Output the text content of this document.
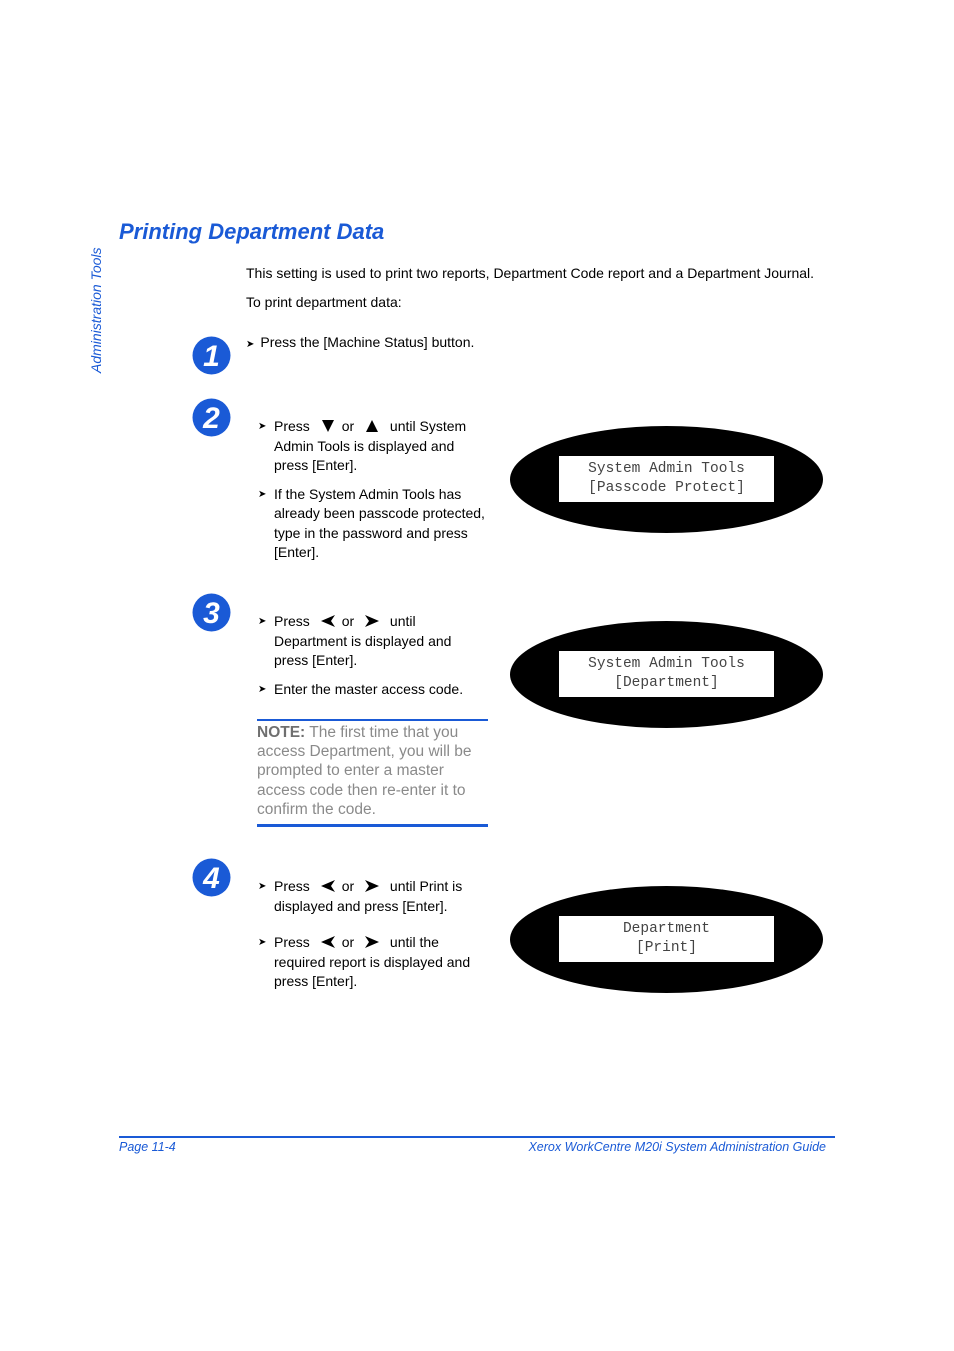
Administration Tools
Printing Department Data

This setting is used to print two reports, Department Code report and a Department Journal.

To print department data:

1	➤ Press the [Machine Status] button.
2	➤ Press or	until System Admin Tools is displayed and press [Enter].
➤ If the System Admin Tools has already been passcode protected, type in the password and press [Enter].
System Admin Tools
[Passcode Protect]
3	➤ Press or	until Department is displayed and press [Enter].
➤ Enter the master access code.
System Admin Tools
[Department]
NOTE: The first time that you access Department, you will be prompted to enter a master access code then re-enter it to confirm the code.
4	➤ Press or	until Print is displayed and press [Enter].
➤ Press or	until the required report is displayed and press [Enter].
Department
[Print]
Page 11-4	Xerox WorkCentre M20i System Administration Guide
